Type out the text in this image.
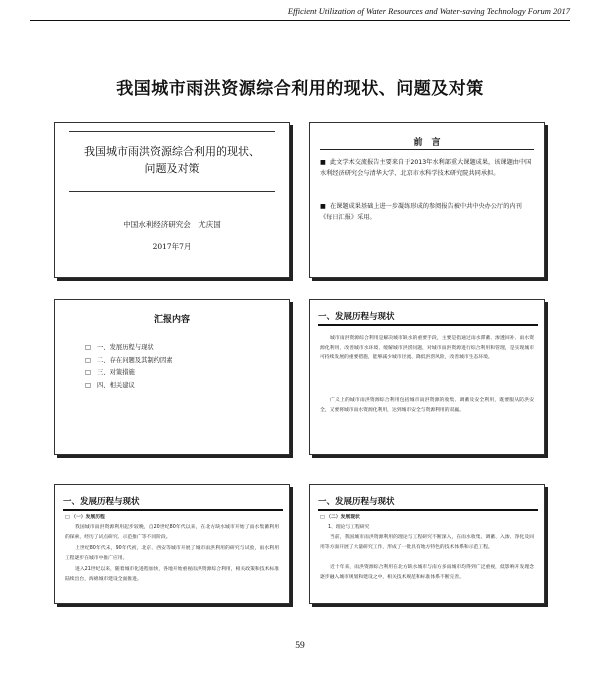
Efficient Utilization of Water Resources and Water-saving Technology Forum 2017
我国城市雨洪资源综合利用的现状、问题及对策
我国城市雨洪资源综合利用的现状、
问题及对策
中国水利经济研究会　尤庆国
2017年7月
前　言
■ 此文学术交流报告主要来自于2013年水利部重大课题成果，该课题由中国水利经济研究会与清华大学、北京市水科学技术研究院共同承担。
■ 在课题成果基础上进一步凝练形成的参阅报告被中共中央办公厅的内刊《每日汇报》采用。
汇报内容
□ 一、发展历程与现状
□ 二、存在问题及其制约因素
□ 三、对策措施
□ 四、相关建议
一、发展历程与现状
城市雨洪资源综合利用是解决城市缺水的重要手段，主要是指通过雨水滞蓄、渗透回补、雨水资源化利用，改善城市水环境、缓解城市洪涝问题，对城市雨洪资源进行综合利用和管理，是实现城市可持续发展的重要措施，能够减少城市径流、降低洪涝风险，改善城市生态环境。
广义上的城市雨洪资源综合利用包括城市雨洪资源的收集、调蓄及安全利用，既要服从防洪安全，又要将城市雨水资源化利用，达到城市安全与资源利用的双赢。
一、发展历程与现状
□ （一）发展历程
我国城市雨洪资源利用起步较晚，自20世纪80年代以来，在北方缺水城市开始了雨水集蓄利用的探索，经历了试点研究、示范推广等不同阶段。
上世纪80年代末，90年代初，北京、西安等城市开展了城市雨洪利用的研究与试验，雨水利用工程逐步在城市中推广应用。
进入21世纪以来，随着城市化进程加快，各地开始重视雨洪资源综合利用，相关政策和技术标准陆续出台，海绵城市建设全面推进。
一、发展历程与现状
□ （二）发展现状
1、理论与工程研究
当前，我国城市雨洪资源利用的理论与工程研究不断深入，在雨水收集、调蓄、入渗、净化及回用等方面开展了大量研究工作，形成了一批具有地方特色的技术体系和示范工程。
近十年来，雨洪资源综合利用在北方缺水城市与南方多雨城市均得到广泛重视，低影响开发理念逐步融入城市规划和建设之中，相关技术规范和标准体系不断完善。
59
